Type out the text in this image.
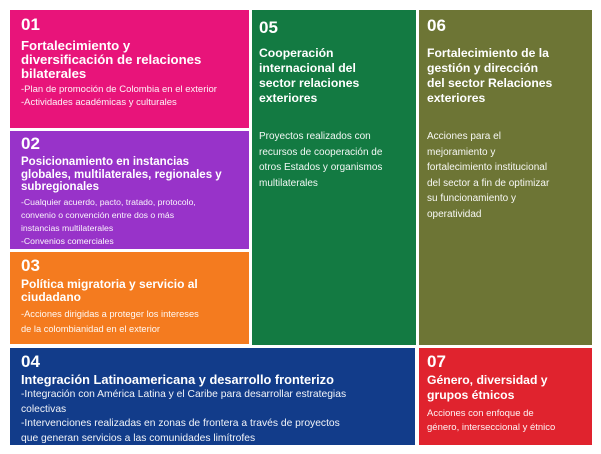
01
Fortalecimiento y
diversificación de relaciones
bilaterales
-Plan de promoción de Colombia en el exterior
-Actividades académicas y culturales
02
Posicionamiento en instancias
globales, multilaterales, regionales y
subregionales
-Cualquier acuerdo, pacto, tratado, protocolo,
convenio o convención entre dos o más
instancias multilaterales
-Convenios comerciales
03
Política migratoria y servicio al
ciudadano
-Acciones dirigidas a proteger los intereses
de la colombianidad en el exterior
04
Integración Latinoamericana y desarrollo fronterizo
-Integración con América Latina y el Caribe para desarrollar estrategias
colectivas
-Intervenciones realizadas en zonas de frontera a través de proyectos
que generan servicios a las comunidades limítrofes
05
Cooperación
internacional del
sector relaciones
exteriores
Proyectos realizados con
recursos de cooperación de
otros Estados y organismos
multilaterales
06
Fortalecimiento de la
gestión y dirección
del sector Relaciones
exteriores
Acciones para el
mejoramiento y
fortalecimiento institucional
del sector a fin de optimizar
su funcionamiento y
operatividad
07
Género, diversidad y
grupos étnicos
Acciones con enfoque de
género, interseccional y étnico
